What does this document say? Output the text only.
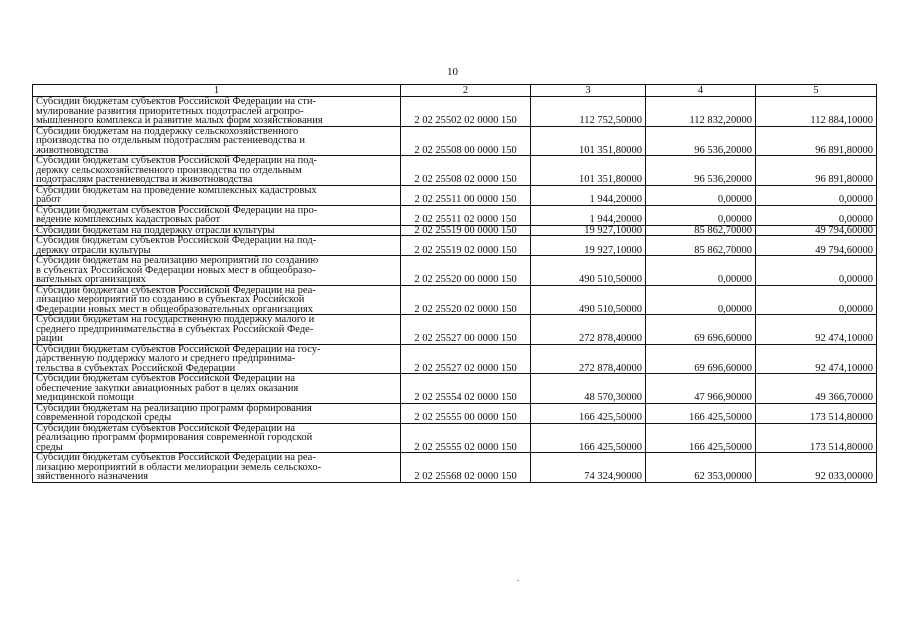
10
1	2	3	4	5

Субсидии бюджетам субъектов Российской Федерации на сти-
мулирование развития приоритетных подотраслей агропро-
мышленного комплекса и развитие малых форм хозяйствования	2 02 25502 02 0000 150	112 752,50000	112 832,20000	112 884,10000

Субсидии бюджетам на поддержку сельскохозяйственного
производства по отдельным подотраслям растениеводства и
животноводства	2 02 25508 00 0000 150	101 351,80000	96 536,20000	96 891,80000

Субсидии бюджетам субъектов Российской Федерации на под-
держку сельскохозяйственного производства по отдельным
подотраслям растениеводства и животноводства	2 02 25508 02 0000 150	101 351,80000	96 536,20000	96 891,80000

Субсидии бюджетам на проведение комплексных кадастровых
работ	2 02 25511 00 0000 150	1 944,20000	0,00000	0,00000

Субсидии бюджетам субъектов Российской Федерации на про-
ведение комплексных кадастровых работ	2 02 25511 02 0000 150	1 944,20000	0,00000	0,00000

Субсидии бюджетам на поддержку отрасли культуры	2 02 25519 00 0000 150	19 927,10000	85 862,70000	49 794,60000

Субсидия бюджетам субъектов Российской Федерации на под-
держку отрасли культуры	2 02 25519 02 0000 150	19 927,10000	85 862,70000	49 794,60000

Субсидии бюджетам на реализацию мероприятий по созданию
в субъектах Российской Федерации новых мест в общеобразо-
вательных организациях	2 02 25520 00 0000 150	490 510,50000	0,00000	0,00000

Субсидии бюджетам субъектов Российской Федерации на реа-
лизацию мероприятий по созданию в субъектах Российской
Федерации новых мест в общеобразовательных организациях	2 02 25520 02 0000 150	490 510,50000	0,00000	0,00000

Субсидии бюджетам на государственную поддержку малого и
среднего предпринимательства в субъектах Российской Феде-
рации	2 02 25527 00 0000 150	272 878,40000	69 696,60000	92 474,10000

Субсидии бюджетам субъектов Российской Федерации на госу-
дарственную поддержку малого и среднего предпринима-
тельства в субъектах Российской Федерации	2 02 25527 02 0000 150	272 878,40000	69 696,60000	92 474,10000

Субсидии бюджетам субъектов Российской Федерации на
обеспечение закупки авиационных работ в целях оказания
медицинской помощи	2 02 25554 02 0000 150	48 570,30000	47 966,90000	49 366,70000

Субсидии бюджетам на реализацию программ формирования
современной городской среды	2 02 25555 00 0000 150	166 425,50000	166 425,50000	173 514,80000

Субсидии бюджетам субъектов Российской Федерации на
реализацию программ формирования современной городской
среды	2 02 25555 02 0000 150	166 425,50000	166 425,50000	173 514,80000

Субсидии бюджетам субъектов Российской Федерации на реа-
лизацию мероприятий в области мелиорации земель сельскохо-
зяйственного назначения	2 02 25568 02 0000 150	74 324,90000	62 353,00000	92 033,00000
